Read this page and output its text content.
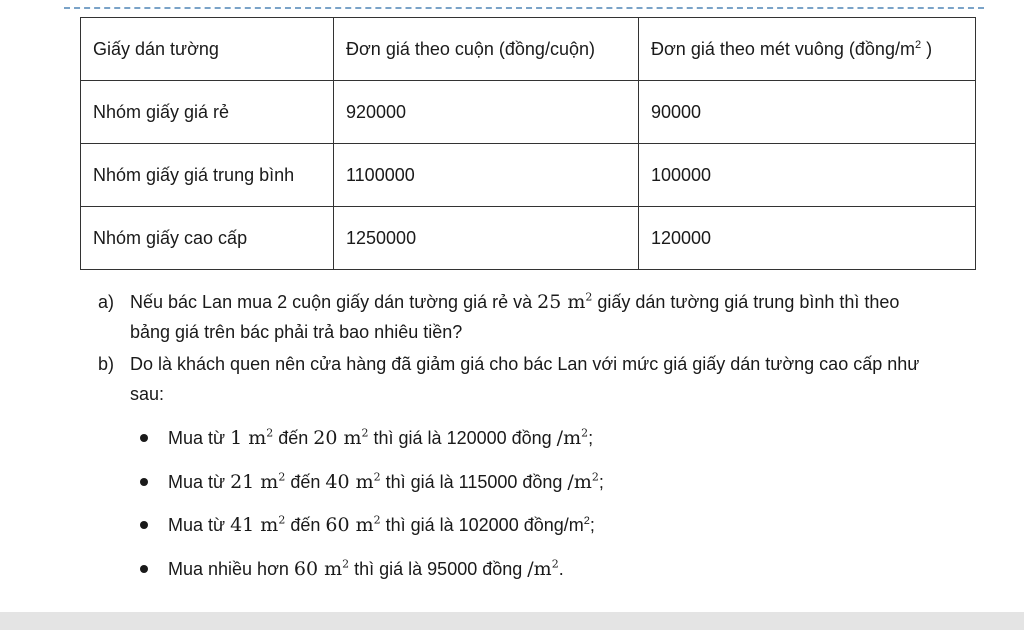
Giấy dán tường	Đơn giá theo cuộn (đồng/cuộn)	Đơn giá theo mét vuông ($đồng/m^2$ )
Nhóm giấy giá rẻ	920000	90000
Nhóm giấy giá trung bình	1100000	100000
Nhóm giấy cao cấp	1250000	120000
a) Nếu bác Lan mua 2 cuộn giấy dán tường giá rẻ và 25 $m^2$ giấy dán tường giá trung bình thì theo
bảng giá trên bác phải trả bao nhiêu tiền?
b) Do là khách quen nên cửa hàng đã giảm giá cho bác Lan với mức giá giấy dán tường cao cấp như
sau:
Mua từ 1 $m^2$ đến 20 $m^2$ thì giá là 120000 đồng $/m^2$;
Mua từ 21 $m^2$ đến 40 $m^2$ thì giá là 115000 đồng $/m^2$;
Mua từ 41 $m^2$ đến 60 $m^2$ thì giá là 102000 đồng/$m^2$;
Mua nhiều hơn 60 $m^2$ thì giá là 95000 đồng $/m^2$.
